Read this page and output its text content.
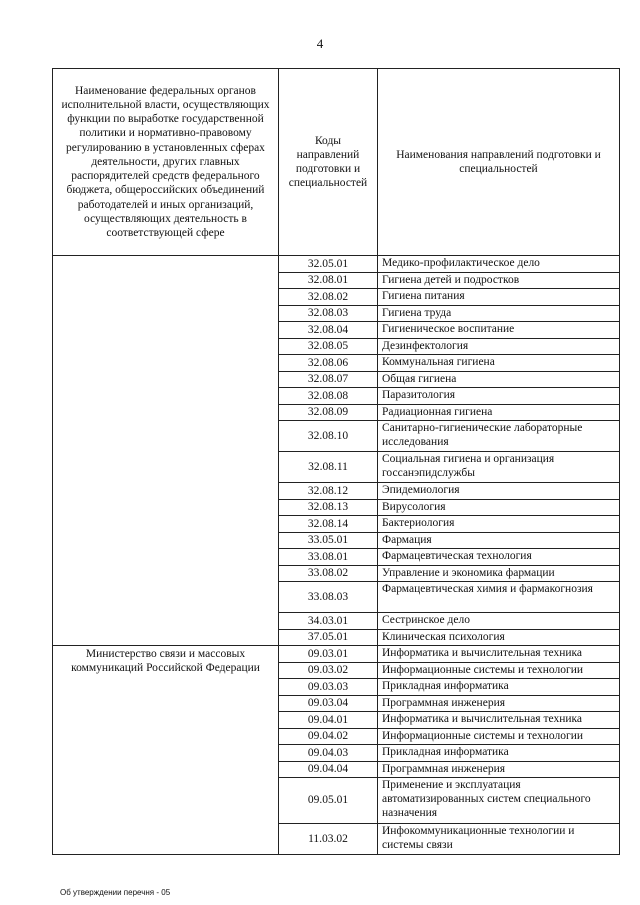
4
Наименование федеральных органов исполнительной власти, осуществляющих функции по выработке государственной политики и нормативно-правовому регулированию в установленных сферах деятельности, других главных распорядителей средств федерального бюджета, общероссийских объединений работодателей и иных организаций, осуществляющих деятельность в соответствующей сфере	Коды направлений подготовки и специальностей	Наименования направлений подготовки и специальностей
	32.05.01	Медико-профилактическое дело
	32.08.01	Гигиена детей и подростков
	32.08.02	Гигиена питания
	32.08.03	Гигиена труда
	32.08.04	Гигиеническое воспитание
	32.08.05	Дезинфектология
	32.08.06	Коммунальная гигиена
	32.08.07	Общая гигиена
	32.08.08	Паразитология
	32.08.09	Радиационная гигиена
	32.08.10	Санитарно-гигиенические лабораторные исследования
	32.08.11	Социальная гигиена и организация госсанэпидслужбы
	32.08.12	Эпидемиология
	32.08.13	Вирусология
	32.08.14	Бактериология
	33.05.01	Фармация
	33.08.01	Фармацевтическая технология
	33.08.02	Управление и экономика фармации
	33.08.03	Фармацевтическая химия и фармакогнозия
	34.03.01	Сестринское дело
	37.05.01	Клиническая психология
Министерство связи и массовых коммуникаций Российской Федерации	09.03.01	Информатика и вычислительная техника
	09.03.02	Информационные системы и технологии
	09.03.03	Прикладная информатика
	09.03.04	Программная инженерия
	09.04.01	Информатика и вычислительная техника
	09.04.02	Информационные системы и технологии
	09.04.03	Прикладная информатика
	09.04.04	Программная инженерия
	09.05.01	Применение и эксплуатация автоматизированных систем специального назначения
	11.03.02	Инфокоммуникационные технологии и системы связи
Об утверждении перечня - 05
